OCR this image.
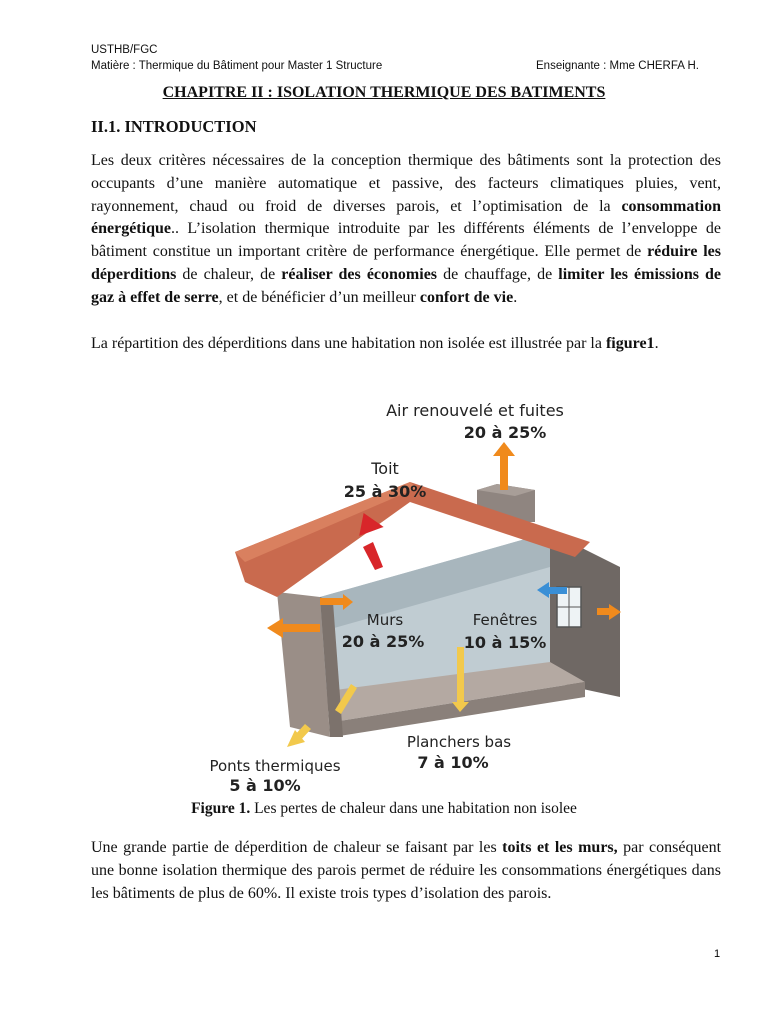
USTHB/FGC
Matière : Thermique du Bâtiment pour Master 1 Structure	Enseignante : Mme CHERFA H.
CHAPITRE II : ISOLATION THERMIQUE DES BATIMENTS
II.1. INTRODUCTION
Les deux critères nécessaires de la conception thermique des bâtiments sont la protection des occupants d’une manière automatique et passive, des facteurs climatiques pluies, vent, rayonnement, chaud ou froid de diverses parois, et l’optimisation de la consommation énergétique.. L’isolation thermique introduite par les différents éléments de l’enveloppe de bâtiment constitue un important critère de performance énergétique. Elle permet de réduire les déperditions de chaleur, de réaliser des économies de chauffage, de limiter les émissions de gaz à effet de serre, et de bénéficier d’un meilleur confort de vie.
La répartition des déperditions dans une habitation non isolée est illustrée par la figure1.
Air renouvelé et fuites
20 à 25%
Toit
25 à 30%
Murs
20 à 25%
Fenêtres
10 à 15%
Planchers bas
7 à 10%
Ponts thermiques
5 à 10%
Figure 1. Les pertes de chaleur dans une habitation non isolee
Une grande partie de déperdition de chaleur se faisant par les toits et les murs, par conséquent une bonne isolation thermique des parois permet de réduire les consommations énergétiques dans les bâtiments de plus de 60%. Il existe trois types d’isolation des parois.
1
